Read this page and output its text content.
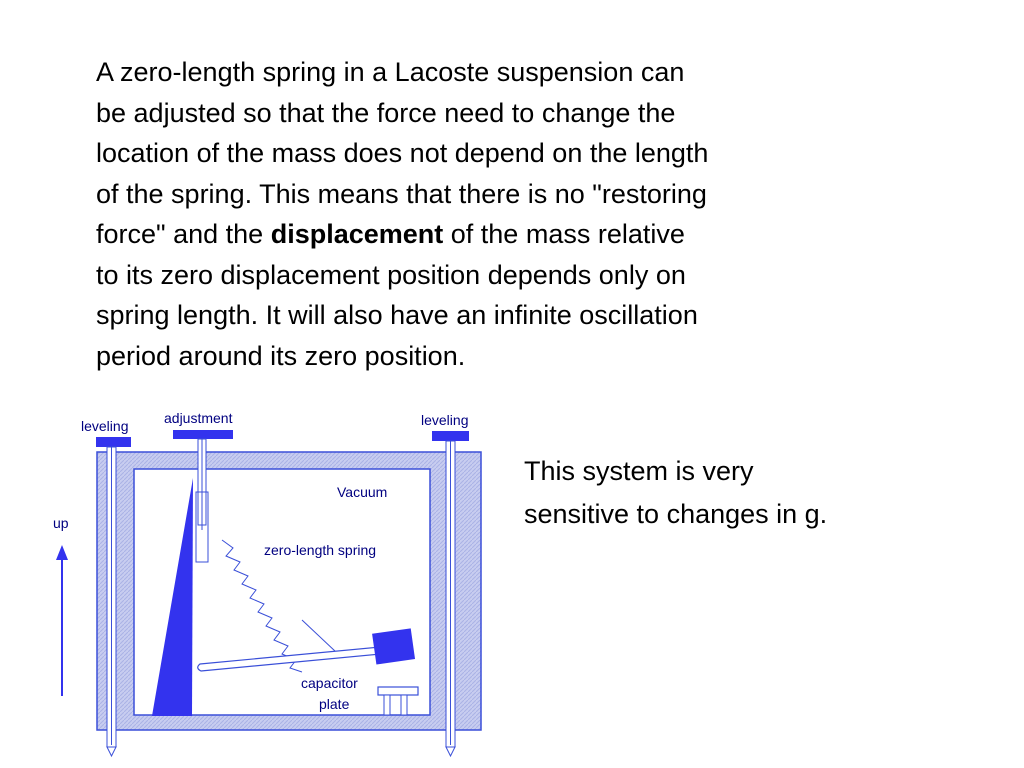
A zero-length spring in a Lacoste suspension can
be adjusted so that the force need to change the
location of the mass does not depend on the length
of the spring. This means that there is no "restoring
force" and the displacement of the mass relative
to its zero displacement position depends only on
spring length. It will also have an infinite oscillation
period around its zero position.

This system is very
sensitive to changes in g.

leveling	adjustment	leveling
Vacuum
zero-length spring
up
capacitor
plate
